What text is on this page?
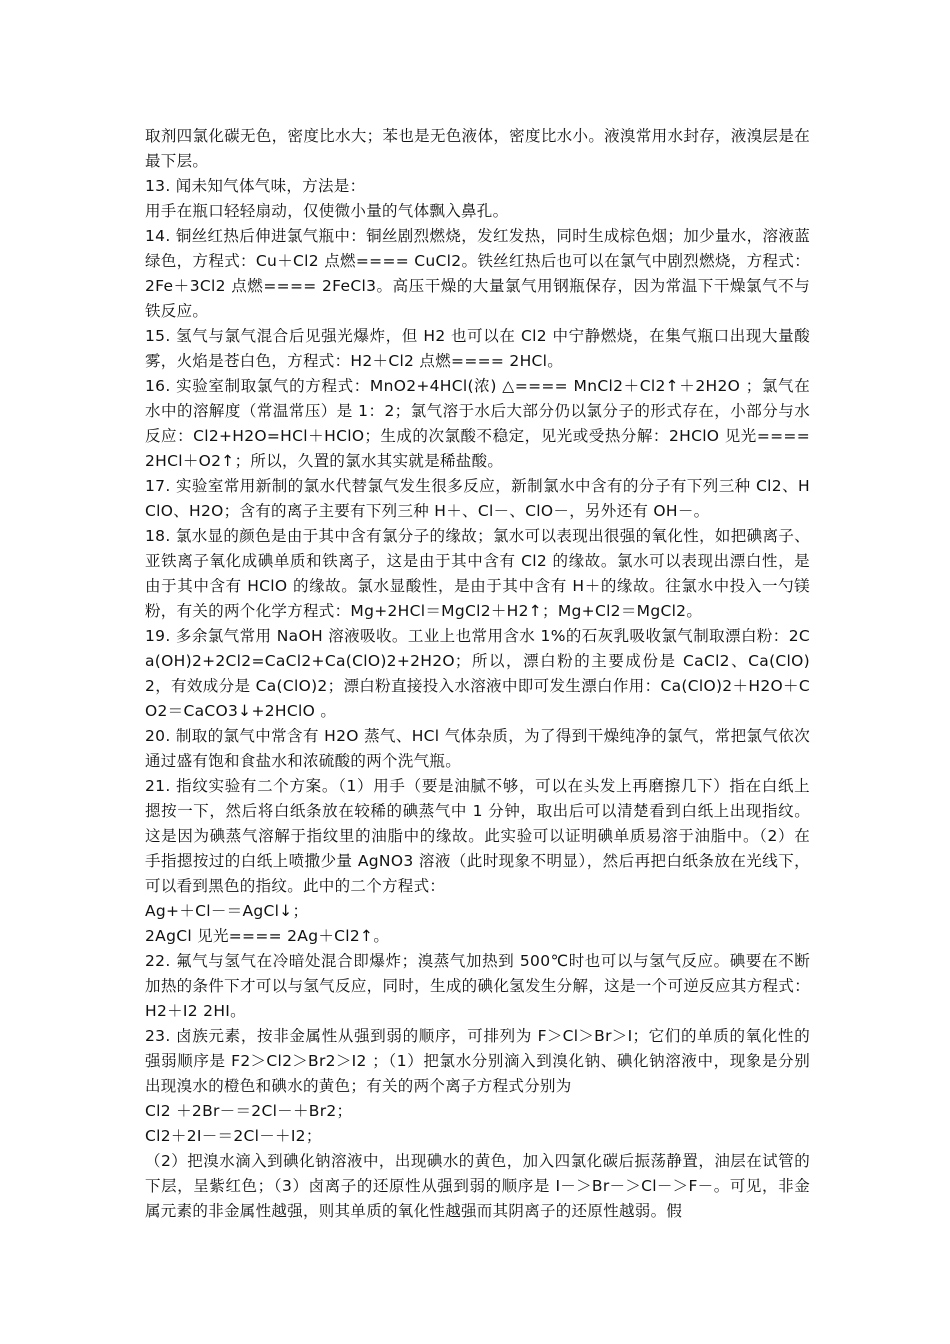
取剂四氯化碳无色，密度比水大；苯也是无色液体，密度比水小。液溴常用水封存，液溴层是在最下层。

13. 闻未知气体气味，方法是：

用手在瓶口轻轻扇动，仅使微小量的气体飘入鼻孔。

14. 铜丝红热后伸进氯气瓶中：铜丝剧烈燃烧，发红发热，同时生成棕色烟；加少量水，溶液蓝绿色，方程式：Cu＋Cl2 点燃==== CuCl2。铁丝红热后也可以在氯气中剧烈燃烧，方程式：2Fe＋3Cl2 点燃==== 2FeCl3。高压干燥的大量氯气用钢瓶保存，因为常温下干燥氯气不与铁反应。

15. 氢气与氯气混合后见强光爆炸，但 H2 也可以在 Cl2 中宁静燃烧，在集气瓶口出现大量酸雾，火焰是苍白色，方程式：H2＋Cl2 点燃==== 2HCl。

16. 实验室制取氯气的方程式：MnO2+4HCl(浓) △==== MnCl2＋Cl2↑＋2H2O ；氯气在水中的溶解度（常温常压）是 1：2；氯气溶于水后大部分仍以氯分子的形式存在，小部分与水反应：Cl2+H2O=HCl＋HClO；生成的次氯酸不稳定，见光或受热分解：2HClO 见光==== 2HCl＋O2↑；所以，久置的氯水其实就是稀盐酸。

17. 实验室常用新制的氯水代替氯气发生很多反应，新制氯水中含有的分子有下列三种 Cl2、HClO、H2O；含有的离子主要有下列三种 H＋、Cl－、ClO－，另外还有 OH－。

18. 氯水显的颜色是由于其中含有氯分子的缘故；氯水可以表现出很强的氧化性，如把碘离子、亚铁离子氧化成碘单质和铁离子，这是由于其中含有 Cl2 的缘故。氯水可以表现出漂白性，是由于其中含有 HClO 的缘故。氯水显酸性，是由于其中含有 H＋的缘故。往氯水中投入一勺镁粉，有关的两个化学方程式：Mg+2HCl＝MgCl2＋H2↑；Mg+Cl2＝MgCl2。

19. 多余氯气常用 NaOH 溶液吸收。工业上也常用含水 1%的石灰乳吸收氯气制取漂白粉：2Ca(OH)2+2Cl2=CaCl2+Ca(ClO)2+2H2O；所以，漂白粉的主要成份是 CaCl2、Ca(ClO)2，有效成分是 Ca(ClO)2；漂白粉直接投入水溶液中即可发生漂白作用：Ca(ClO)2＋H2O＋CO2＝CaCO3↓+2HClO 。

20. 制取的氯气中常含有 H2O 蒸气、HCl 气体杂质，为了得到干燥纯净的氯气，常把氯气依次通过盛有饱和食盐水和浓硫酸的两个洗气瓶。

21. 指纹实验有二个方案。（1）用手（要是油腻不够，可以在头发上再磨擦几下）指在白纸上摁按一下，然后将白纸条放在较稀的碘蒸气中 1 分钟，取出后可以清楚看到白纸上出现指纹。这是因为碘蒸气溶解于指纹里的油脂中的缘故。此实验可以证明碘单质易溶于油脂中。（2）在手指摁按过的白纸上喷撒少量 AgNO3 溶液（此时现象不明显），然后再把白纸条放在光线下，可以看到黑色的指纹。此中的二个方程式：

Ag+＋Cl－＝AgCl↓；

2AgCl 见光==== 2Ag＋Cl2↑。

22. 氟气与氢气在冷暗处混合即爆炸；溴蒸气加热到 500℃时也可以与氢气反应。碘要在不断加热的条件下才可以与氢气反应，同时，生成的碘化氢发生分解，这是一个可逆反应其方程式：H2＋I2 2HI。

23. 卤族元素，按非金属性从强到弱的顺序，可排列为 F＞Cl＞Br＞I；它们的单质的氧化性的强弱顺序是 F2＞Cl2＞Br2＞I2 ；（1）把氯水分别滴入到溴化钠、碘化钠溶液中，现象是分别出现溴水的橙色和碘水的黄色；有关的两个离子方程式分别为

Cl2 ＋2Br－＝2Cl－＋Br2；

Cl2＋2I－＝2Cl－＋I2；

（2）把溴水滴入到碘化钠溶液中，出现碘水的黄色，加入四氯化碳后振荡静置，油层在试管的下层，呈紫红色；（3）卤离子的还原性从强到弱的顺序是 I－＞Br－＞Cl－＞F－。可见，非金属元素的非金属性越强，则其单质的氧化性越强而其阴离子的还原性越弱。假
